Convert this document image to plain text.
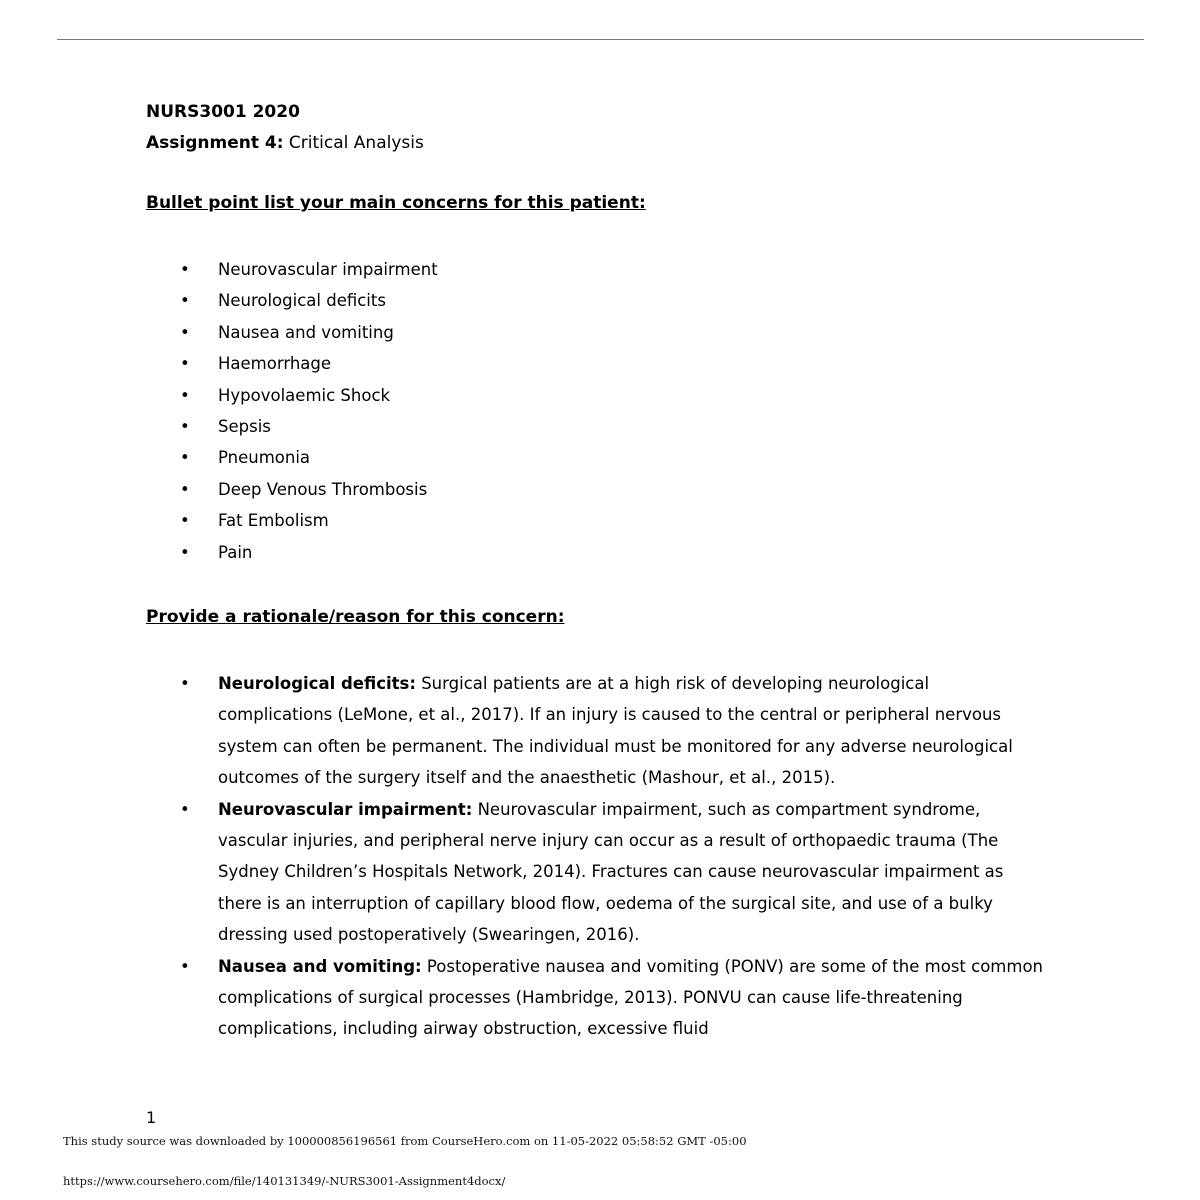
NURS3001 2020

Assignment 4: Critical Analysis

Bullet point list your main concerns for this patient:

• Neurovascular impairment
• Neurological deficits
• Nausea and vomiting
• Haemorrhage
• Hypovolaemic Shock
• Sepsis
• Pneumonia
• Deep Venous Thrombosis
• Fat Embolism
• Pain

Provide a rationale/reason for this concern:

• Neurological deficits: Surgical patients are at a high risk of developing neurological complications (LeMone, et al., 2017). If an injury is caused to the central or peripheral nervous system can often be permanent. The individual must be monitored for any adverse neurological outcomes of the surgery itself and the anaesthetic (Mashour, et al., 2015).
• Neurovascular impairment: Neurovascular impairment, such as compartment syndrome, vascular injuries, and peripheral nerve injury can occur as a result of orthopaedic trauma (The Sydney Children’s Hospitals Network, 2014). Fractures can cause neurovascular impairment as there is an interruption of capillary blood flow, oedema of the surgical site, and use of a bulky dressing used postoperatively (Swearingen, 2016).
• Nausea and vomiting: Postoperative nausea and vomiting (PONV) are some of the most common complications of surgical processes (Hambridge, 2013). PONVU can cause life-threatening complications, including airway obstruction, excessive fluid
1
This study source was downloaded by 100000856196561 from CourseHero.com on 11-05-2022 05:58:52 GMT -05:00
https://www.coursehero.com/file/140131349/-NURS3001-Assignment4docx/
